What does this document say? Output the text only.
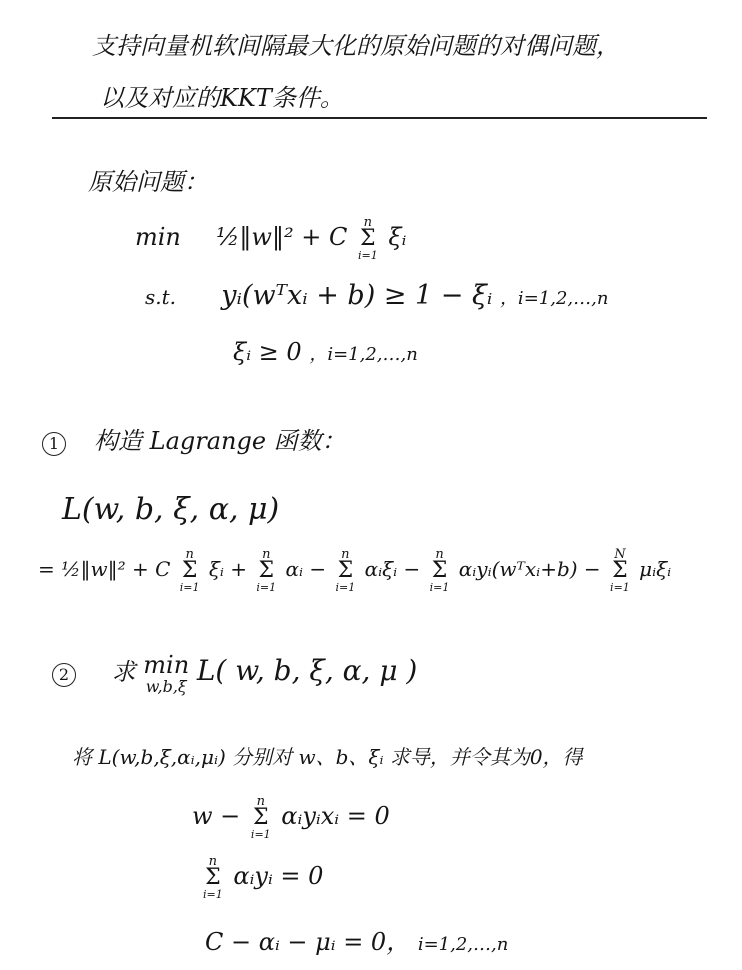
支持向量机软间隔最大化的原始问题的对偶问题，
以及对应的KKT条件。
原始问题：
min ½‖w‖² + C
n
Σ
i=1
ξᵢ
s.t. yᵢ(wᵀxᵢ + b) ≥ 1 − ξᵢ ，i=1,2,…,n
ξᵢ ≥ 0 ，i=1,2,…,n
1 构造 Lagrange 函数：
L(w, b, ξ, α, μ)
= ½‖w‖² + C
n
Σ
i=1
ξᵢ +
n
Σ
i=1
αᵢ −
n
Σ
i=1
αᵢξᵢ −
n
Σ
i=1
αᵢyᵢ(wᵀxᵢ+b) −
N
Σ
i=1
μᵢξᵢ
2 求 min
w,b,ξ L( w, b, ξ, α, μ )
将 L(w,b,ξ,αᵢ,μᵢ) 分别对 w、b、ξᵢ 求导，并令其为0，得
w −
n
Σ
i=1
αᵢyᵢxᵢ = 0
n
Σ
i=1
αᵢyᵢ = 0
C − αᵢ − μᵢ = 0， i=1,2,…,n
